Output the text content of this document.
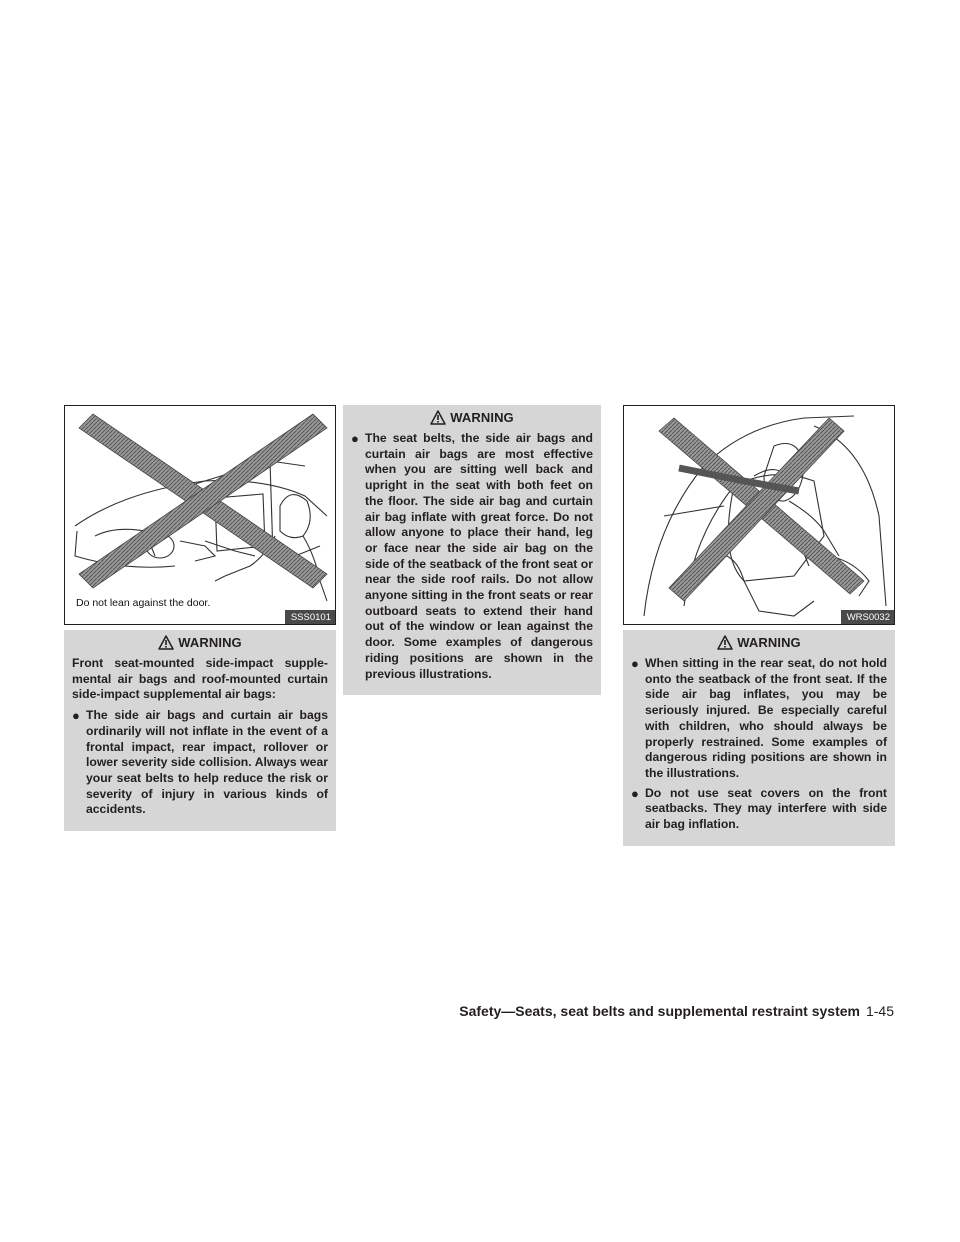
Do not lean against the door.
SSS0101
WARNING
Front seat-mounted side-impact supple-mental air bags and roof-mounted curtain side-impact supplemental air bags:
● The side air bags and curtain air bags ordinarily will not inflate in the event of a frontal impact, rear impact, rollover or lower severity side collision. Always wear your seat belts to help reduce the risk or severity of injury in various kinds of accidents.
WARNING
● The seat belts, the side air bags and curtain air bags are most effective when you are sitting well back and upright in the seat with both feet on the floor. The side air bag and curtain air bag inflate with great force. Do not allow anyone to place their hand, leg or face near the side air bag on the side of the seatback of the front seat or near the side roof rails. Do not allow anyone sitting in the front seats or rear outboard seats to extend their hand out of the window or lean against the door. Some examples of dangerous riding positions are shown in the previous illustrations.
WRS0032
WARNING
● When sitting in the rear seat, do not hold onto the seatback of the front seat. If the side air bag inflates, you may be seriously injured. Be especially careful with children, who should always be properly restrained. Some examples of dangerous riding positions are shown in the illustrations.
● Do not use seat covers on the front seatbacks. They may interfere with side air bag inflation.
Safety—Seats, seat belts and supplemental restraint system 1-45
